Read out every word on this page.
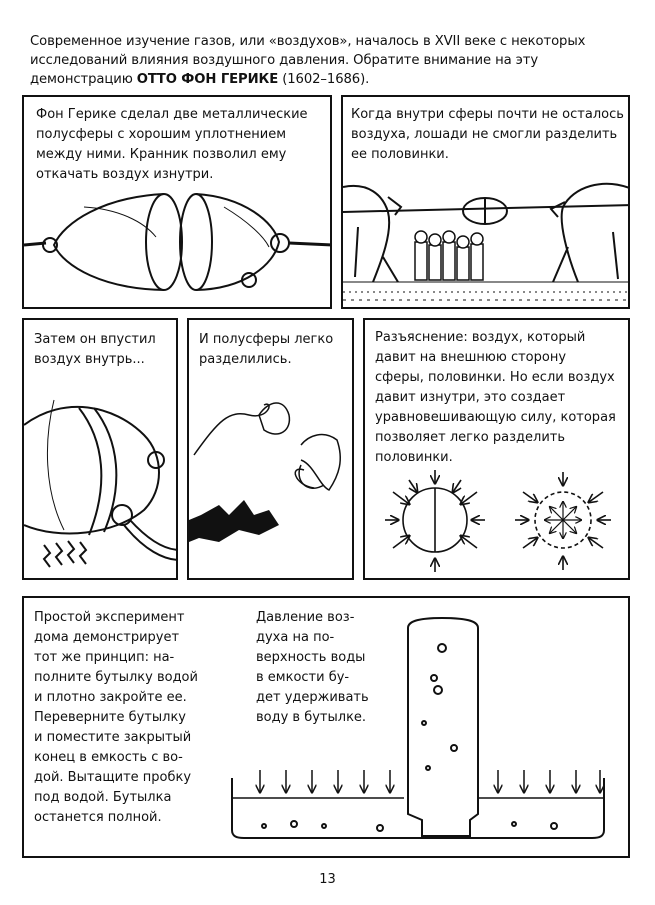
Современное изучение газов, или «воздухов», началось в XVII веке с некоторых исследований влияния воздушного давления. Обратите внимание на эту демонстрацию ОТТО ФОН ГЕРИКЕ (1602–1686).
Фон Герике сделал две металлические
полусферы с хорошим уплотнением
между ними. Кранник позволил ему
откачать воздух изнутри.
Когда внутри сферы почти не осталось
воздуха, лошади не смогли разделить
ее половинки.
Затем он впустил
воздух внутрь...
И полусферы легко
разделились.
Разъяснение: воздух, который
давит на внешнюю сторону
сферы, половинки. Но если воздух
давит изнутри, это создает
уравновешивающую силу, которая
позволяет легко разделить
половинки.
Простой эксперимент
дома демонстрирует
тот же принцип: на-
полните бутылку водой
и плотно закройте ее.
Переверните бутылку
и поместите закрытый
конец в емкость с во-
дой. Вытащите пробку
под водой. Бутылка
останется полной.
Давление воз-
духа на по-
верхность воды
в емкости бу-
дет удерживать
воду в бутылке.
13
